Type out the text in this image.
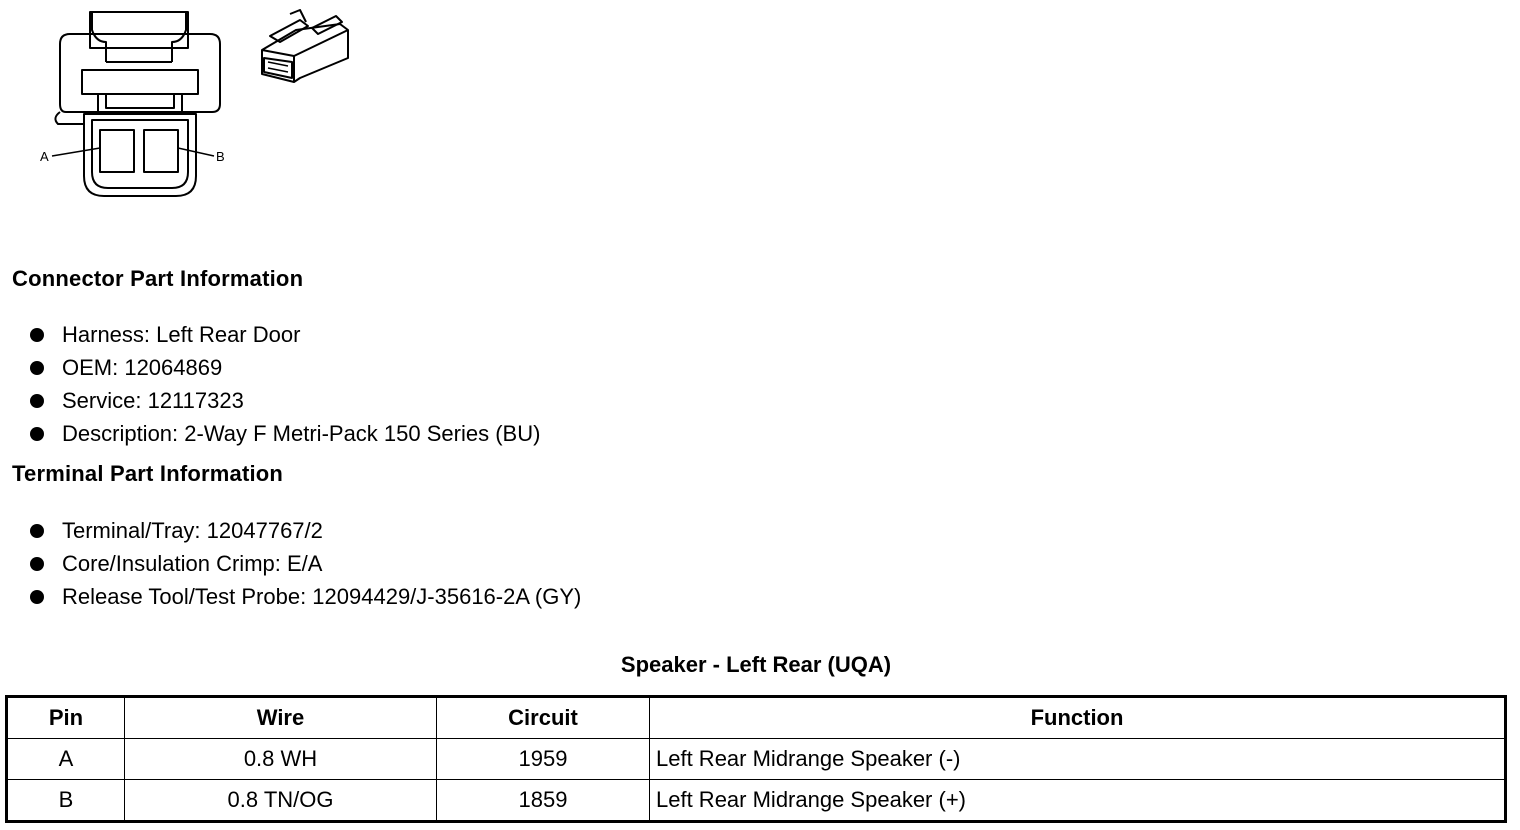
A	B
Connector Part Information
Harness: Left Rear Door
OEM: 12064869
Service: 12117323
Description: 2-Way F Metri-Pack 150 Series (BU)
Terminal Part Information
Terminal/Tray: 12047767/2
Core/Insulation Crimp: E/A
Release Tool/Test Probe: 12094429/J-35616-2A (GY)
Speaker - Left Rear (UQA)
Pin	Wire	Circuit	Function
A	0.8 WH	1959	Left Rear Midrange Speaker (-)
B	0.8 TN/OG	1859	Left Rear Midrange Speaker (+)
